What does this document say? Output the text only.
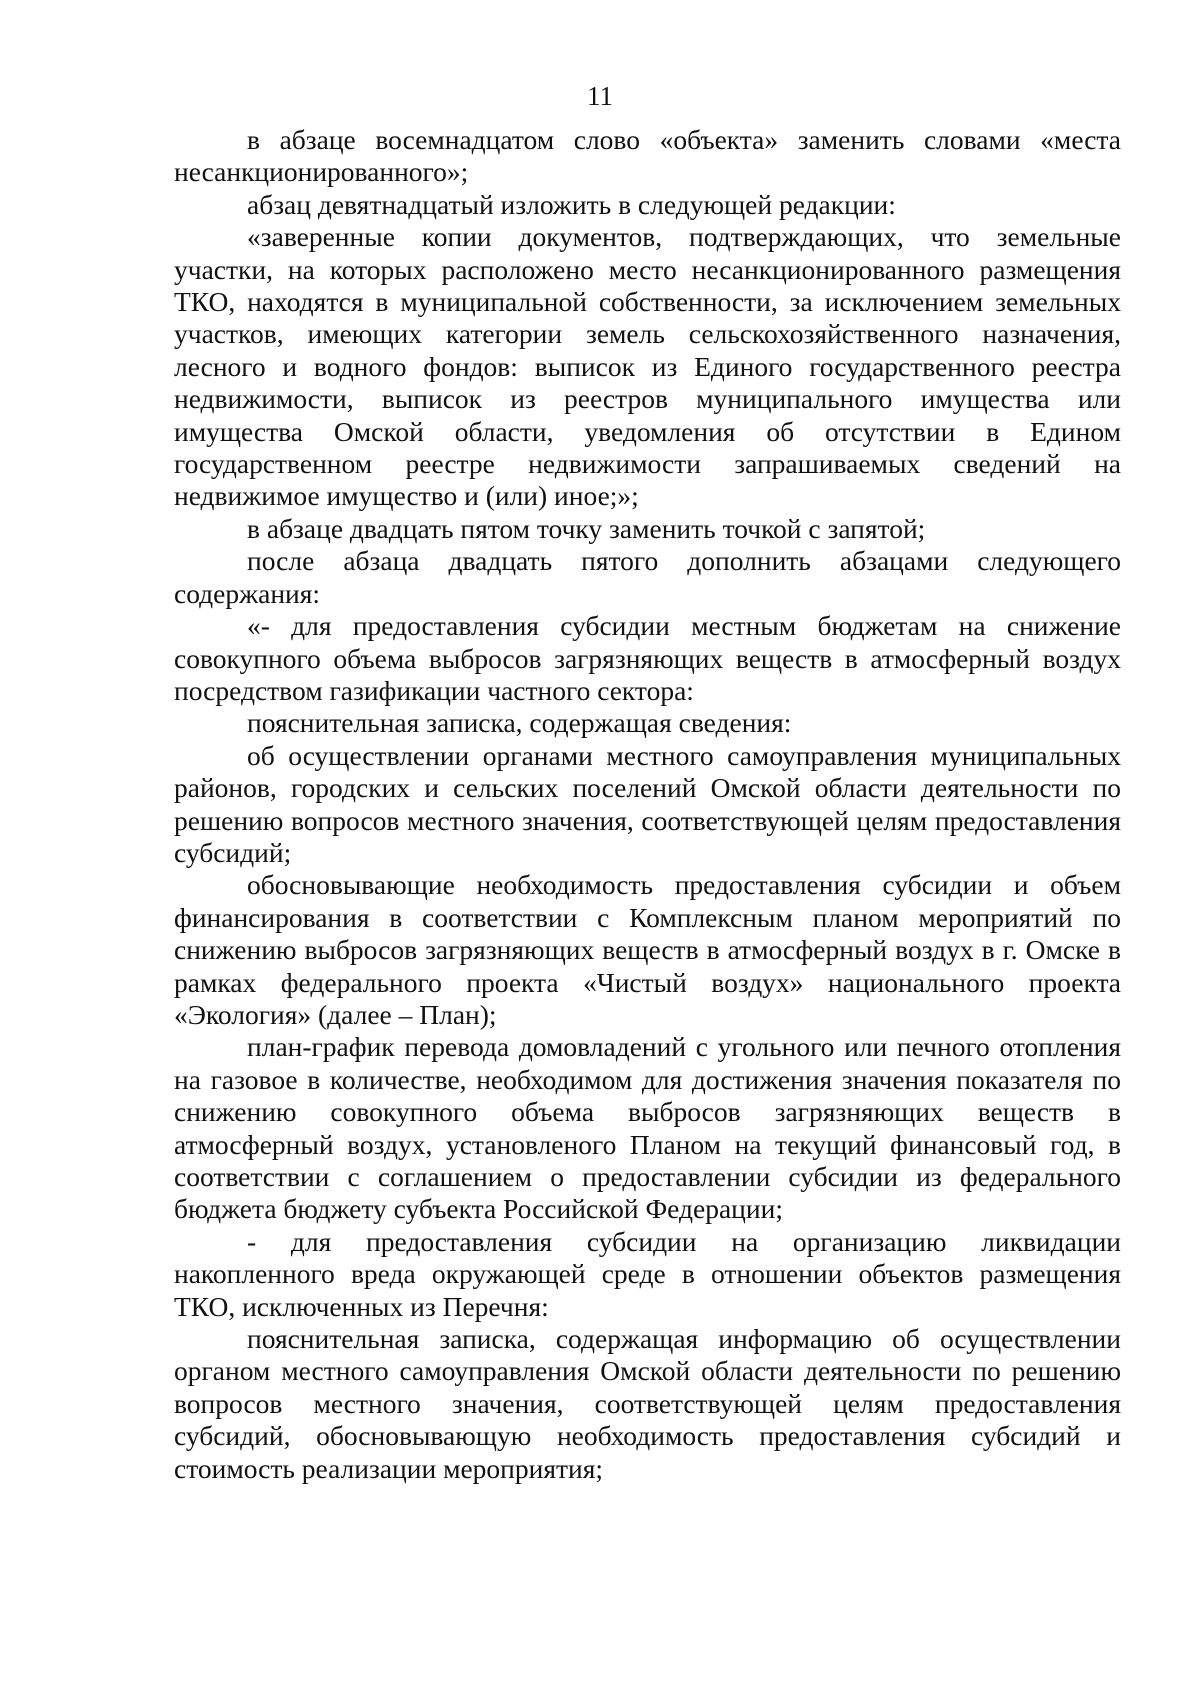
11

в абзаце восемнадцатом слово «объекта» заменить словами «места несанкционированного»;

абзац девятнадцатый изложить в следующей редакции:

«заверенные копии документов, подтверждающих, что земельные участки, на которых расположено место несанкционированного размещения ТКО, находятся в муниципальной собственности, за исключением земельных участков, имеющих категории земель сельскохозяйственного назначения, лесного и водного фондов: выписок из Единого государственного реестра недвижимости, выписок из реестров муниципального имущества или имущества Омской области, уведомления об отсутствии в Едином государственном реестре недвижимости запрашиваемых сведений на недвижимое имущество и (или) иное;»;

в абзаце двадцать пятом точку заменить точкой с запятой;

после абзаца двадцать пятого дополнить абзацами следующего содержания:

«- для предоставления субсидии местным бюджетам на снижение совокупного объема выбросов загрязняющих веществ в атмосферный воздух посредством газификации частного сектора:

пояснительная записка, содержащая сведения:

об осуществлении органами местного самоуправления муниципальных районов, городских и сельских поселений Омской области деятельности по решению вопросов местного значения, соответствующей целям предоставления субсидий;

обосновывающие необходимость предоставления субсидии и объем финансирования в соответствии с Комплексным планом мероприятий по снижению выбросов загрязняющих веществ в атмосферный воздух в г. Омске в рамках федерального проекта «Чистый воздух» национального проекта «Экология» (далее – План);

план-график перевода домовладений с угольного или печного отопления на газовое в количестве, необходимом для достижения значения показателя по снижению совокупного объема выбросов загрязняющих веществ в атмосферный воздух, установленого Планом на текущий финансовый год, в соответствии с соглашением о предоставлении субсидии из федерального бюджета бюджету субъекта Российской Федерации;

- для предоставления субсидии на организацию ликвидации накопленного вреда окружающей среде в отношении объектов размещения ТКО, исключенных из Перечня:

пояснительная записка, содержащая информацию об осуществлении органом местного самоуправления Омской области деятельности по решению вопросов местного значения, соответствующей целям предоставления субсидий, обосновывающую необходимость предоставления субсидий и стоимость реализации мероприятия;
